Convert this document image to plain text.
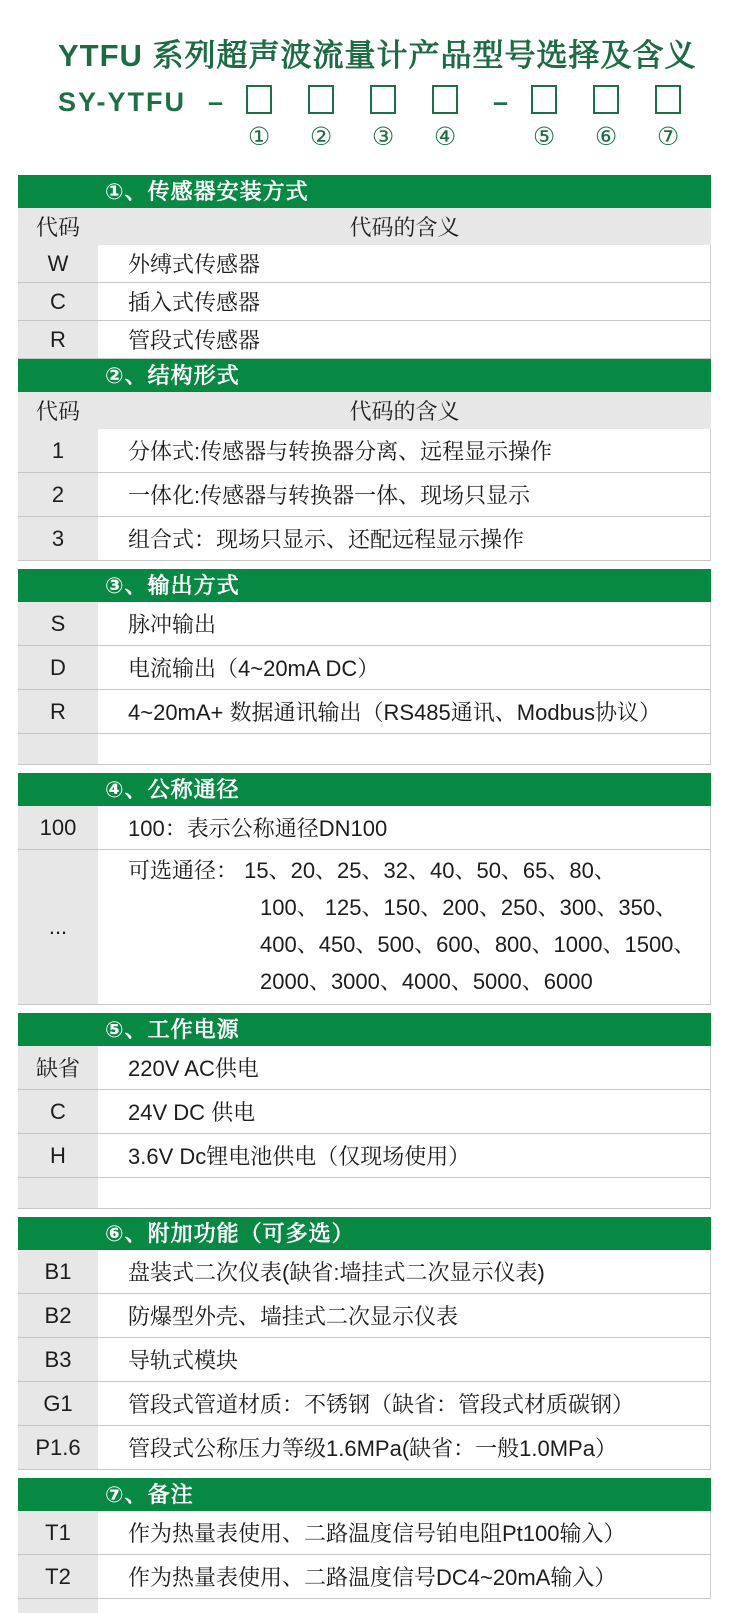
YTFU 系列超声波流量计产品型号选择及含义
SY-YTFU –
① ② ③ ④
–
⑤ ⑥ ⑦
①、传感器安装方式
代码	代码的含义
W	外缚式传感器
C	插入式传感器
R	管段式传感器
②、结构形式
代码	代码的含义
1	分体式:传感器与转换器分离、远程显示操作
2	一体化:传感器与转换器一体、现场只显示
3	组合式：现场只显示、还配远程显示操作
③、输出方式
S	脉冲输出
D	电流输出（4~20mA DC）
R	4~20mA+ 数据通讯输出（RS485通讯、Modbus协议）
④、公称通径
100	100：表示公称通径DN100
...
可选通径： 15、20、25、32、40、50、65、80、
100、 125、150、200、250、300、350、
400、450、500、600、800、1000、1500、
2000、3000、4000、5000、6000
⑤、工作电源
缺省	220V AC供电
C	24V DC 供电
H	3.6V Dc锂电池供电（仅现场使用）
⑥、附加功能（可多选）
B1	盘装式二次仪表(缺省:墙挂式二次显示仪表)
B2	防爆型外壳、墙挂式二次显示仪表
B3	导轨式模块
G1	管段式管道材质：不锈钢（缺省：管段式材质碳钢）
P1.6	管段式公称压力等级1.6MPa(缺省：一般1.0MPa）
⑦、备注
T1	作为热量表使用、二路温度信号铂电阻Pt100输入）
T2	作为热量表使用、二路温度信号DC4~20mA输入）
